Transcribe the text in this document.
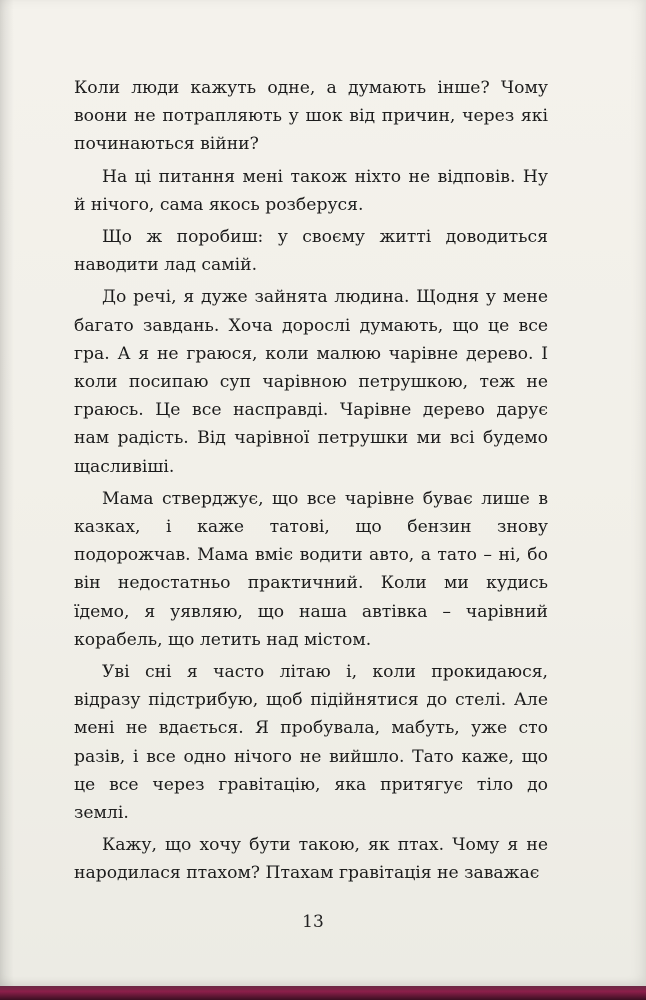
Коли люди кажуть одне, а думають інше? Чому воони не потрапляють у шок від причин, через які починаються війни?

На ці питання мені також ніхто не відповів. Ну й нічого, сама якось розберуся.

Що ж поробиш: у своєму житті доводиться наводити лад самій.

До речі, я дуже зайнята людина. Щодня у мене багато завдань. Хоча дорослі думають, що це все гра. А я не граюся, коли малюю чарівне дерево. І коли посипаю суп чарівною петрушкою, теж не граюсь. Це все насправді. Чарівне дерево дарує нам радість. Від чарівної петрушки ми всі будемо щасливіші.

Мама стверджує, що все чарівне буває лише в казках, і каже татові, що бензин знову подорожчав. Мама вміє водити авто, а тато – ні, бо він недостатньо практичний. Коли ми кудись їдемо, я уявляю, що наша автівка – чарівний корабель, що летить над містом.

Уві сні я часто літаю і, коли прокидаюся, відразу підстрибую, щоб підійнятися до стелі. Але мені не вдається. Я пробувала, мабуть, уже сто разів, і все одно нічого не вийшло. Тато каже, що це все через гравітацію, яка притягує тіло до землі.

Кажу, що хочу бути такою, як птах. Чому я не народилася птахом? Птахам гравітація не заважає

13
